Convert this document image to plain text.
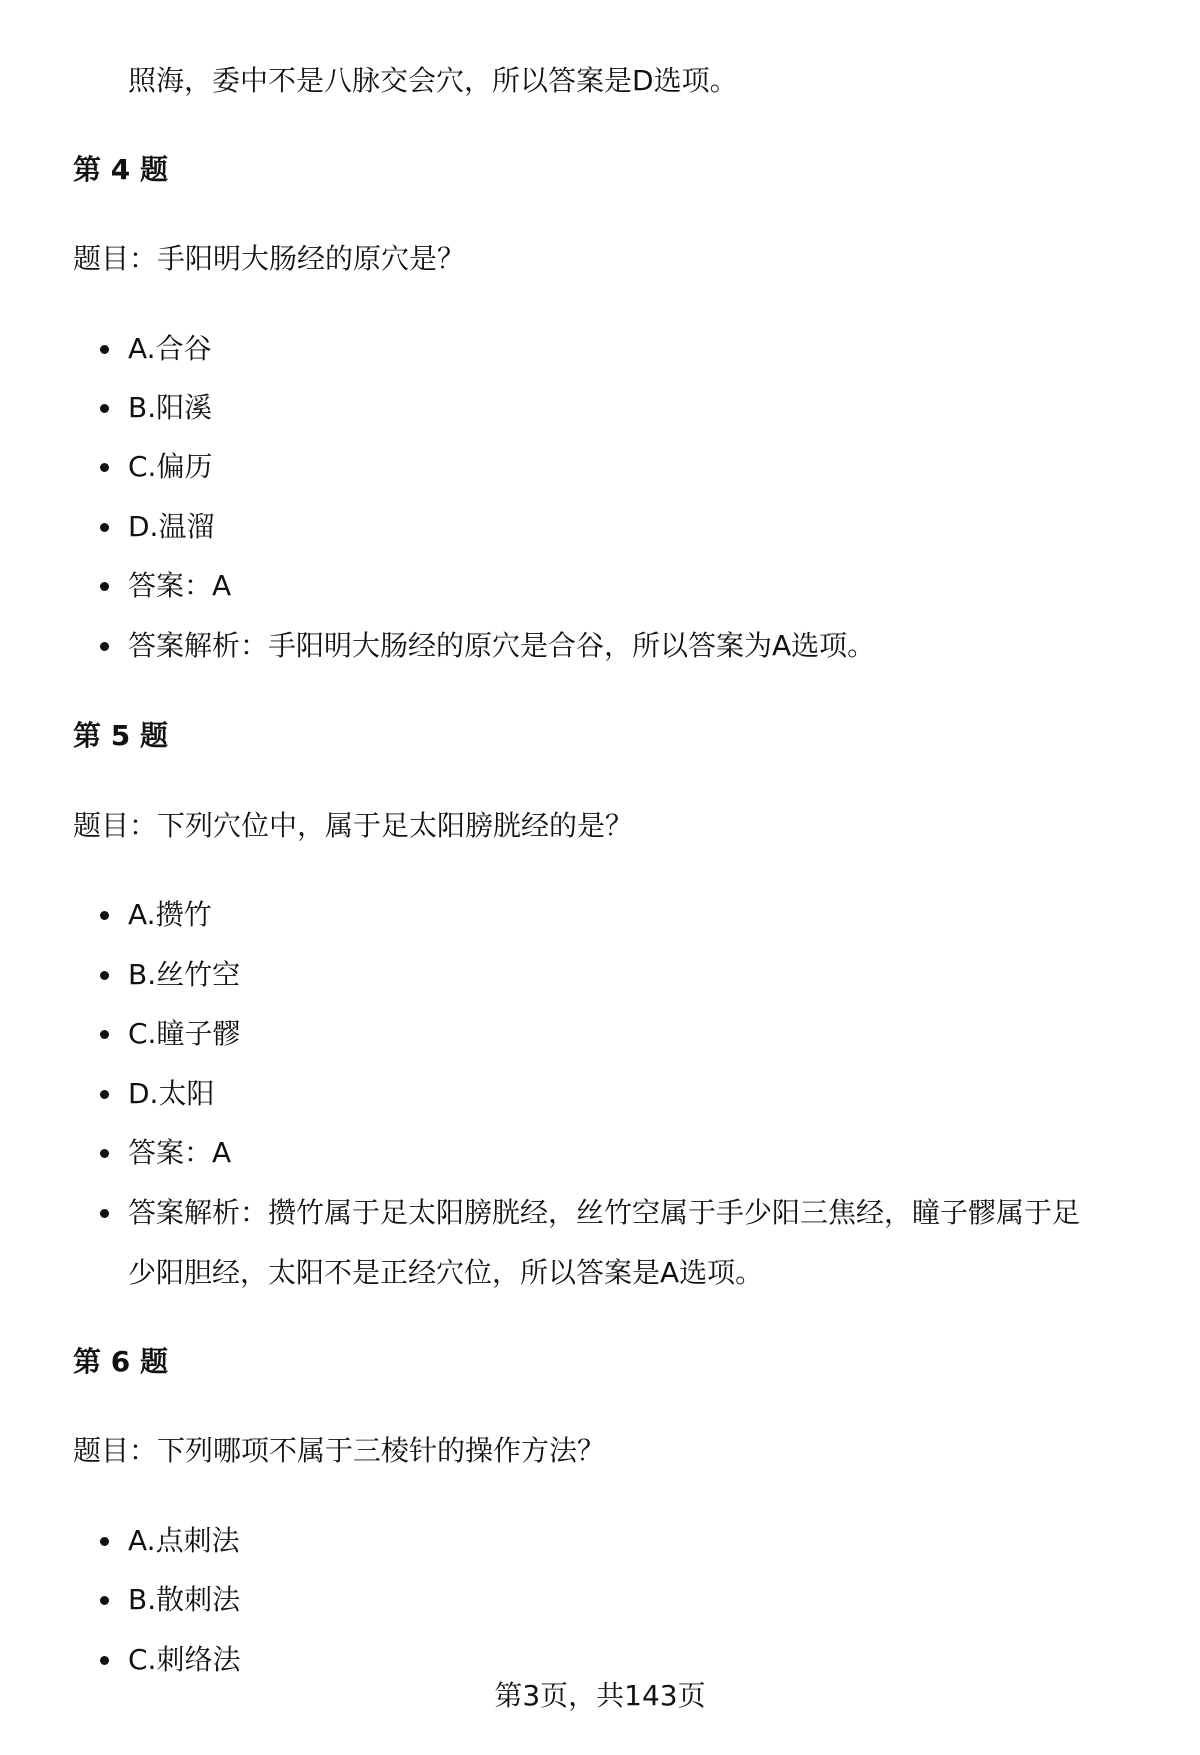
照海，委中不是八脉交会穴，所以答案是D选项。
第 4 题
题目：手阳明大肠经的原穴是？
A.合谷
B.阳溪
C.偏历
D.温溜
答案：A
答案解析：手阳明大肠经的原穴是合谷，所以答案为A选项。
第 5 题
题目：下列穴位中，属于足太阳膀胱经的是？
A.攒竹
B.丝竹空
C.瞳子髎
D.太阳
答案：A
答案解析：攒竹属于足太阳膀胱经，丝竹空属于手少阳三焦经，瞳子髎属于足
少阳胆经，太阳不是正经穴位，所以答案是A选项。
第 6 题
题目：下列哪项不属于三棱针的操作方法？
A.点刺法
B.散刺法
C.刺络法
第3页，共143页
